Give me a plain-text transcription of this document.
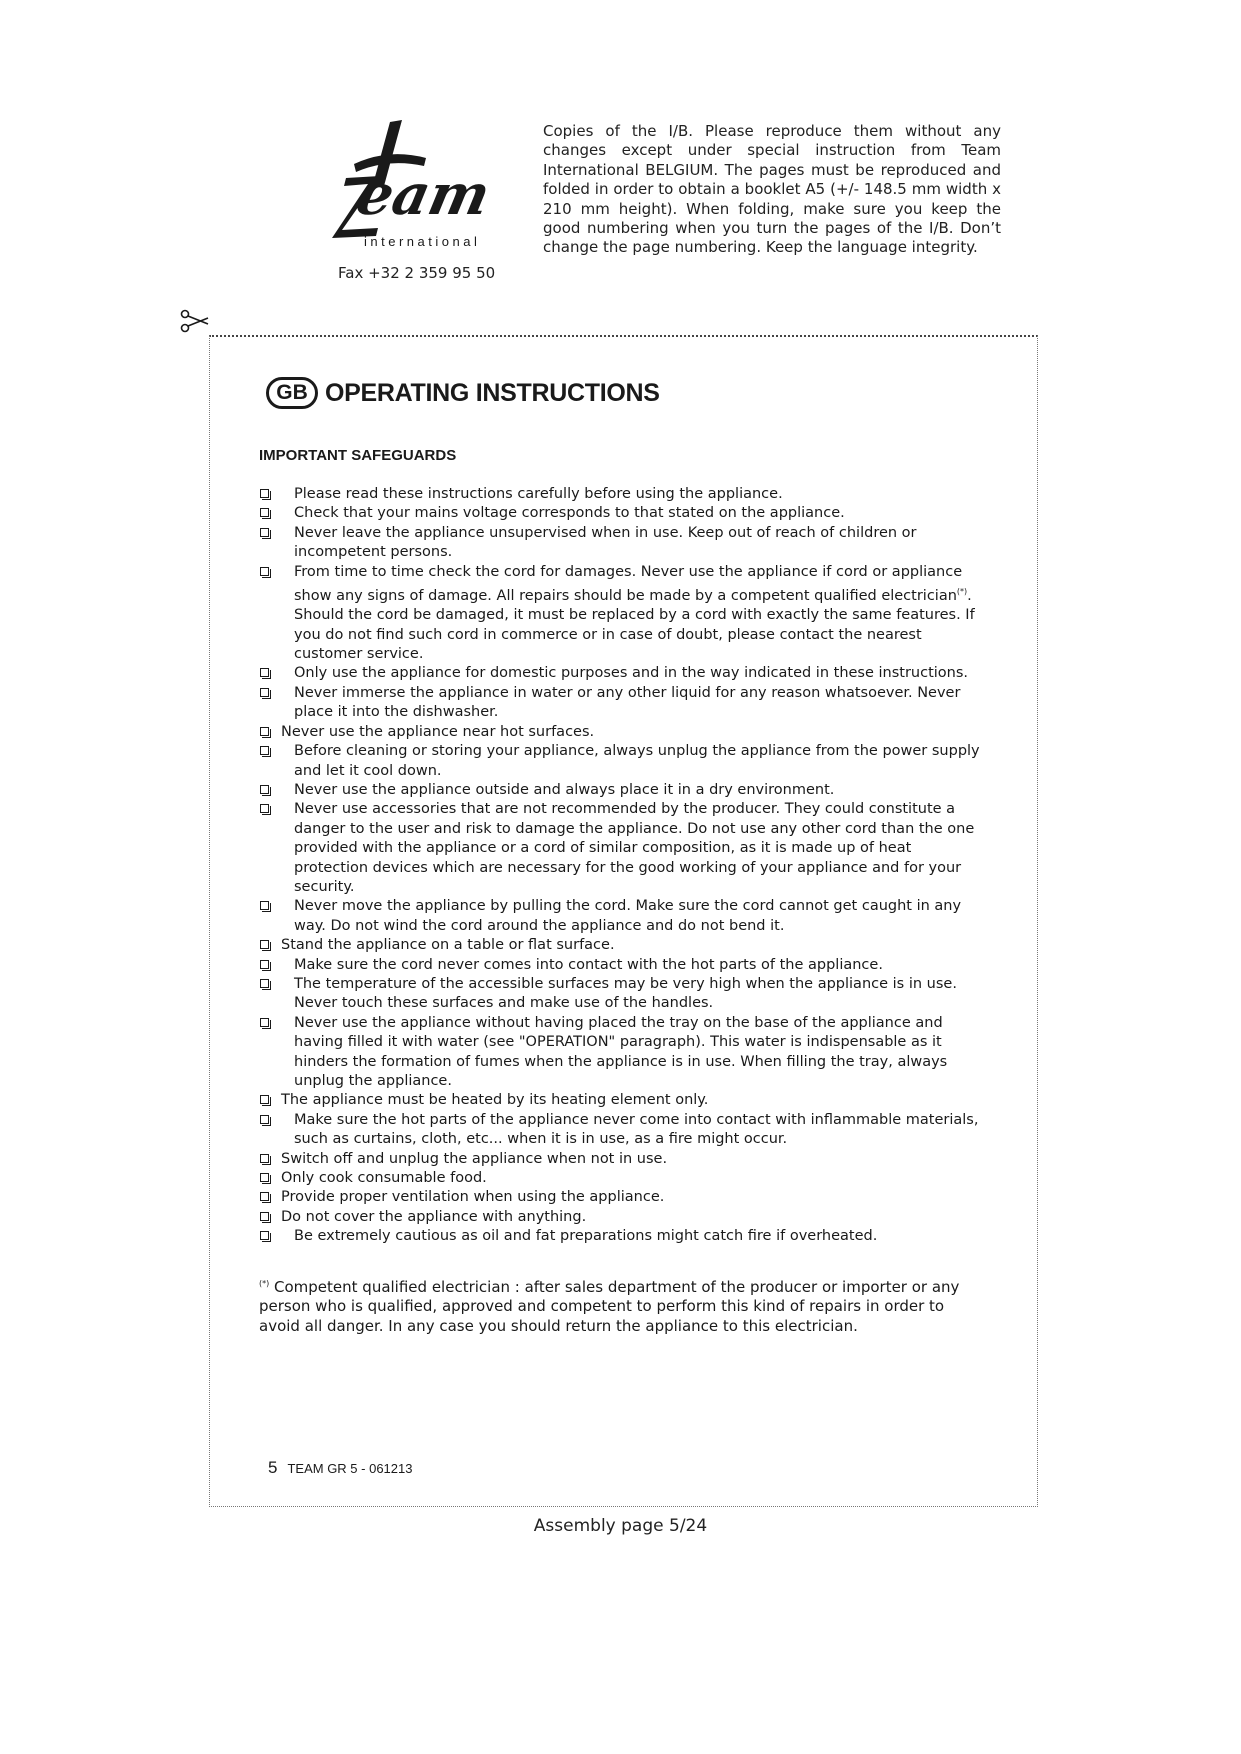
eam
international
Fax +32 2 359 95 50
Copies of the I/B. Please reproduce them without any changes except under special instruction from Team International BELGIUM. The pages must be reproduced and folded in order to obtain a booklet A5 (+/- 148.5 mm width x 210 mm height). When folding, make sure you keep the good numbering when you turn the pages of the I/B. Don’t change the page numbering. Keep the language integrity.
GB OPERATING INSTRUCTIONS
IMPORTANT SAFEGUARDS
Please read these instructions carefully before using the appliance.
Check that your mains voltage corresponds to that stated on the appliance.
Never leave the appliance unsupervised when in use. Keep out of reach of children or incompetent persons.
From time to time check the cord for damages. Never use the appliance if cord or appliance show any signs of damage. All repairs should be made by a competent qualified electrician(*). Should the cord be damaged, it must be replaced by a cord with exactly the same features. If you do not find such cord in commerce or in case of doubt, please contact the nearest customer service.
Only use the appliance for domestic purposes and in the way indicated in these instructions.
Never immerse the appliance in water or any other liquid for any reason whatsoever. Never place it into the dishwasher.
Never use the appliance near hot surfaces.
Before cleaning or storing your appliance, always unplug the appliance from the power supply and let it cool down.
Never use the appliance outside and always place it in a dry environment.
Never use accessories that are not recommended by the producer. They could constitute a danger to the user and risk to damage the appliance. Do not use any other cord than the one provided with the appliance or a cord of similar composition, as it is made up of heat protection devices which are necessary for the good working of your appliance and for your security.
Never move the appliance by pulling the cord. Make sure the cord cannot get caught in any way. Do not wind the cord around the appliance and do not bend it.
Stand the appliance on a table or flat surface.
Make sure the cord never comes into contact with the hot parts of the appliance.
The temperature of the accessible surfaces may be very high when the appliance is in use. Never touch these surfaces and make use of the handles.
Never use the appliance without having placed the tray on the base of the appliance and having filled it with water (see "OPERATION" paragraph). This water is indispensable as it hinders the formation of fumes when the appliance is in use. When filling the tray, always unplug the appliance.
The appliance must be heated by its heating element only.
Make sure the hot parts of the appliance never come into contact with inflammable materials, such as curtains, cloth, etc... when it is in use, as a fire might occur.
Switch off and unplug the appliance when not in use.
Only cook consumable food.
Provide proper ventilation when using the appliance.
Do not cover the appliance with anything.
Be extremely cautious as oil and fat preparations might catch fire if overheated.
(*) Competent qualified electrician : after sales department of the producer or importer or any person who is qualified, approved and competent to perform this kind of repairs in order to avoid all danger. In any case you should return the appliance to this electrician.
5 TEAM GR 5 - 061213
Assembly page 5/24
